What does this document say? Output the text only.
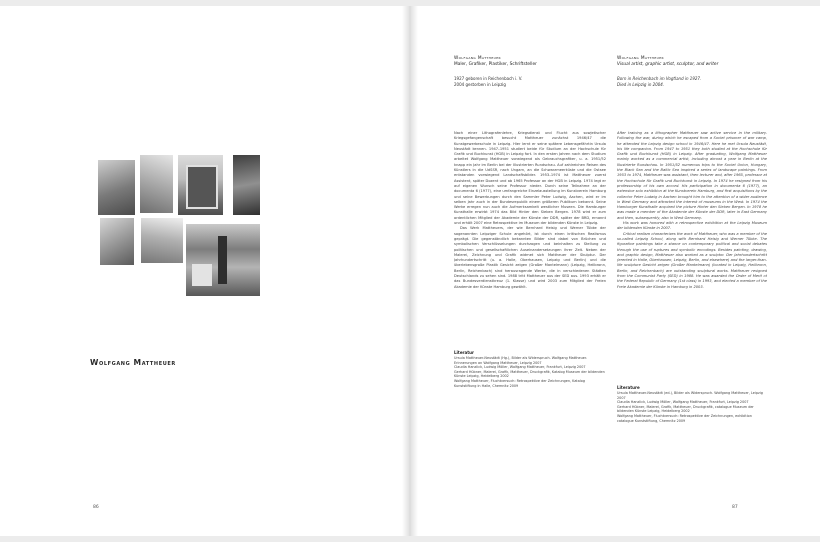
Wolfgang Mattheuer
86
Wolfgang Mattheuer
Maler, Grafiker, Plastiker, Schriftsteller
1927 geboren in Reichenbach i. V.
2004 gestorben in Leipzig

Nach einer Lithografenlehre, Kriegsdienst und Flucht aus sowjetischer Kriegsgefangenschaft besucht Mattheuer zunächst 1946/47 die Kunstgewerbeschule in Leipzig. Hier lernt er seine spätere Lebensgefährtin Ursula Neustädt kennen. 1947–1951 studiert beide für Studium an der Hochschule für Grafik und Buchkunst (HGB) in Leipzig fort. In den ersten Jahren nach dem Studium arbeitet Wolfgang Mattheuer vorwiegend als Gebrauchsgrafiker, u. a. 1951/52 knapp ein Jahr im Berlin bei der Illustrierten Rundschau. Auf zahlreichen Reisen des Künstlers in die UdSSR, nach Ungarn, an die Schwarzmeerküste und die Ostsee entstanden vorwiegend Landschaftsbilder. 1953–1974 ist Mattheuer zuerst Assistent, später Dozent und ab 1965 Professor an der HGB in Leipzig. 1974 legt er auf eigenen Wunsch seine Professur nieder. Durch seine Teilnahme an der documenta 6 (1977), eine umfangreiche Einzelausstellung im Kunstverein Hamburg und seine Bewerbungen durch den Sammler Peter Ludwig, Aachen, wird er im selben Jahr auch in der Bundesrepublik einem größeren Publikum bekannt. Seine Werke erregen nun auch die Aufmerksamkeit westlicher Museen. Die Hamburger Kunsthalle erwirbt 1974 das Bild Hinter den Sieben Bergen. 1978 wird er zum ordentlichen Mitglied der Akademie der Künste der DDR, später der BRD, ernannt und erhält 2007 eine Retrospektive im Museum der bildenden Künste in Leipzig.

Das Werk Mattheuers, der wie Bernhard Heisig und Werner Tübke der sogenannten Leipziger Schule angehört, ist durch einen kritischen Realismus geprägt. Die gegenständlich bekannten Bilder sind dabei von Brüchen und symbolischen Verschlüsselungen durchzogen und beinhalten zu Stellung zu politischen und gesellschaftlichen Auseinandersetzungen ihrer Zeit. Neben der Malerei, Zeichnung und Grafik widmet sich Mattheuer der Skulptur. Der Jahrhundertschritt (u. a. Halle, Oberhausen, Leipzig und Berlin) und die überlebensgroße Plastik Gesicht zeigen (Großer Mantelmann) (Leipzig, Heilbronn, Berlin, Reichenbach) sind herausragende Werke, die in verschiedenen Städten Deutschlands zu sehen sind. 1988 tritt Mattheuer aus der SED aus. 1993 erhält er das Bundesverdienstkreuz (1. Klasse) und wird 2003 zum Mitglied der Freien Akademie der Künste Hamburg gewählt.

Literatur
Ursula Mattheuer-Neustädt (Hg.), Bilder als Widerspruch. Wolfgang Mattheuer. Erinnerungen an Wolfgang Mattheuer, Leipzig 2007
Claudia Hanzlick, Ludwig Möller, Wolfgang Mattheuer, Frankfurt, Leipzig 2007
Gerhard Hübner, Malerei, Grafik, Mattheuer, Druckgrafik, Katalog Museum der bildenden Künste Leipzig, Heidelberg 2002
Wolfgang Mattheuer, Fluchtversuch: Retrospektive der Zeichnungen, Katalog Kunststiftung in Halle, Chemnitz 2009
Wolfgang Mattheuer
Visual artist, graphic artist, sculptor, and writer
Born in Reichenbach im Vogtland in 1927.
Died in Leipzig in 2004.

After training as a lithographer Mattheuer saw active service in the military. Following the war, during which he escaped from a Soviet prisoner of war camp, he attended the Leipzig design school in 1946/47. Here he met Ursula Neustädt, his life companion. From 1947 to 1951 they both studied at the Hochschule für Grafik und Buchkunst (HGB) in Leipzig. After graduating, Wolfgang Mattheuer mainly worked as a commercial artist, including almost a year in Berlin at the Illustrierte Rundschau. In 1951/52 numerous trips to the Soviet Union, Hungary, the Black Sea and the Baltic Sea inspired a series of landscape paintings. From 1953 to 1974, Mattheuer was assistant, then lecturer and, after 1965, professor at the Hochschule für Grafik und Buchkunst in Leipzig. In 1974 he resigned from his professorship of his own accord. His participation in documenta 6 (1977), an extensive solo exhibition at the Kunstverein Hamburg, and first acquisitions by the collector Peter Ludwig in Aachen brought him to the attention of a wider audience in West Germany and attracted the interest of museums in the West. In 1974 the Hamburger Kunsthalle acquired the picture Hinter den Sieben Bergen. In 1978 he was made a member of the Akademie der Künste der DDR, later in East Germany and then, subsequently, also in West Germany.

His work was honored with a retrospective exhibition at the Leipzig Museum der bildenden Künste in 2007.

Critical realism characterizes the work of Mattheuer, who was a member of the so-called Leipzig School, along with Bernhard Heisig and Werner Tübke. The figurative paintings take a stance on contemporary political and social debates through the use of ruptures and symbolic encodings. Besides painting, drawing, and graphic design, Mattheuer also worked as a sculptor. Der Jahrhundertschritt (erected in Halle, Oberhausen, Leipzig, Berlin, and elsewhere) and the larger-than-life sculpture Gesicht zeigen (Großer Mantelmann) (located in Leipzig, Heilbronn, Berlin, and Reichenbach) are outstanding sculptural works. Mattheuer resigned from the Communist Party (SED) in 1988. He was awarded the Order of Merit of the Federal Republic of Germany (1st class) in 1993, and elected a member of the Freie Akademie der Künste in Hamburg in 2003.

Literature
Ursula Mattheuer-Neustädt (ed.), Bilder als Widerspruch. Wolfgang Mattheuer, Leipzig 2007
Claudia Hanzlick, Ludwig Möller, Wolfgang Mattheuer, Frankfurt, Leipzig 2007
Gerhard Hübner, Malerei, Grafik, Mattheuer, Druckgrafik, catalogue Museum der bildenden Künste Leipzig, Heidelberg 2002
Wolfgang Mattheuer, Fluchtversuch: Retrospektive der Zeichnungen, exhibition catalogue Kunststiftung, Chemnitz 2009
87
